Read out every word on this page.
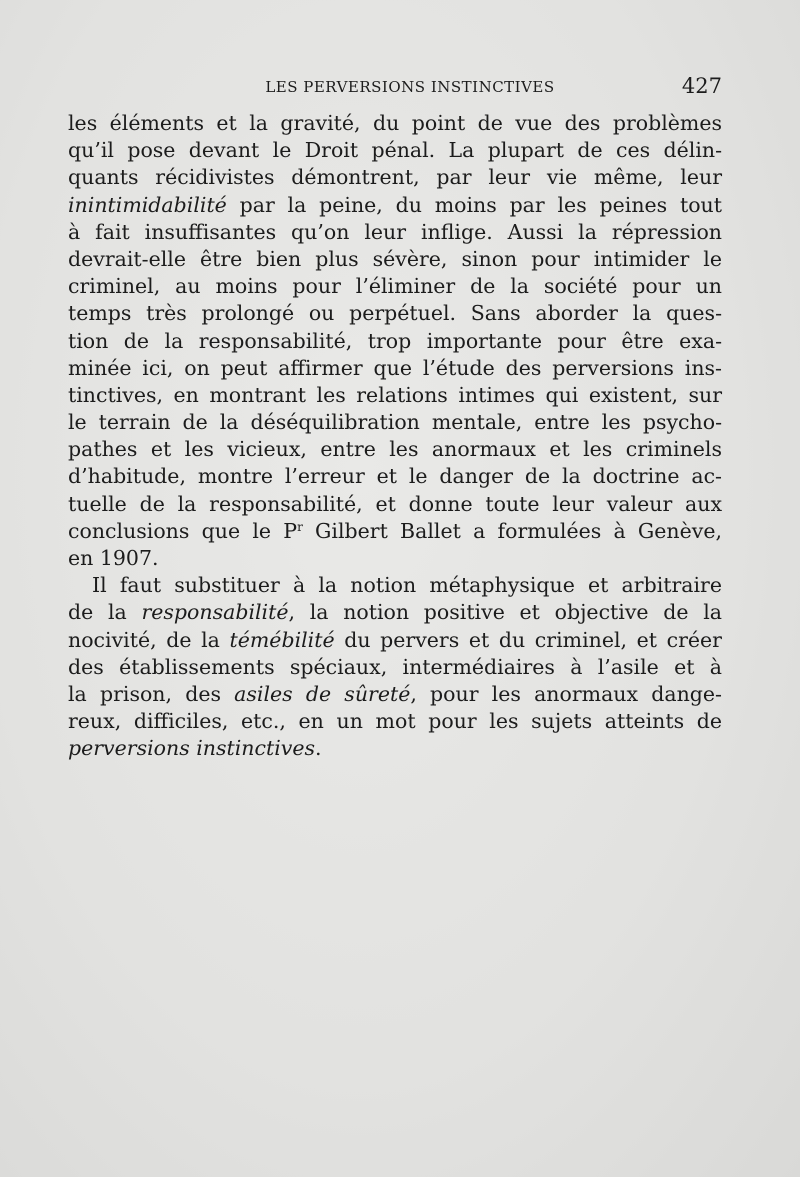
LES PERVERSIONS INSTINCTIVES	427
les éléments et la gravité, du point de vue des problèmes
qu’il pose devant le Droit pénal. La plupart de ces délin-
quants récidivistes démontrent, par leur vie même, leur
inintimidabilité par la peine, du moins par les peines tout
à fait insuffisantes qu’on leur inflige. Aussi la répression
devrait-elle être bien plus sévère, sinon pour intimider le
criminel, au moins pour l’éliminer de la société pour un
temps très prolongé ou perpétuel. Sans aborder la ques-
tion de la responsabilité, trop importante pour être exa-
minée ici, on peut affirmer que l’étude des perversions ins-
tinctives, en montrant les relations intimes qui existent, sur
le terrain de la déséquilibration mentale, entre les psycho-
pathes et les vicieux, entre les anormaux et les criminels
d’habitude, montre l’erreur et le danger de la doctrine ac-
tuelle de la responsabilité, et donne toute leur valeur aux
conclusions que le $P^r$ Gilbert Ballet a formulées à Genève,
en 1907.
Il faut substituer à la notion métaphysique et arbitraire
de la responsabilité, la notion positive et objective de la
nocivité, de la témébilité du pervers et du criminel, et créer
des établissements spéciaux, intermédiaires à l’asile et à
la prison, des asiles de sûreté, pour les anormaux dange-
reux, difficiles, etc., en un mot pour les sujets atteints de
perversions instinctives.
